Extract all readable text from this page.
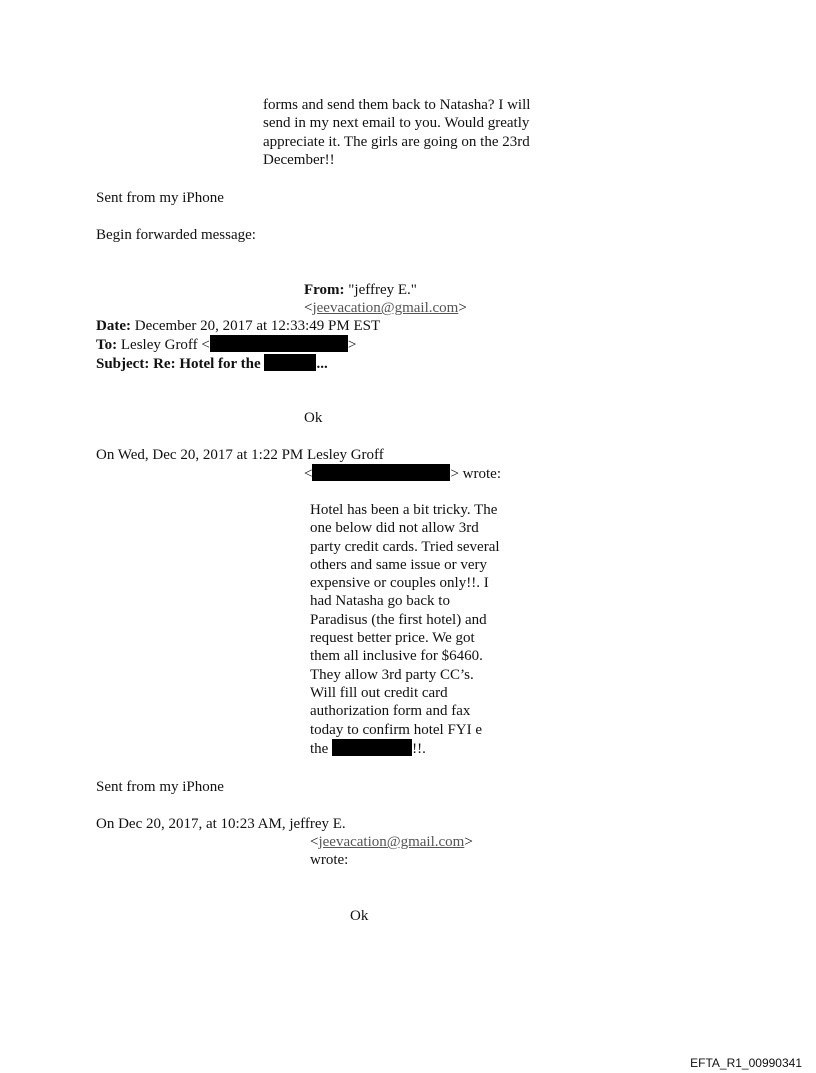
forms and send them back to Natasha? I will
send in my next email to you. Would greatly
appreciate it. The girls are going on the 23rd
December!!
Sent from my iPhone
Begin forwarded message:
From: "jeffrey E."
<jeevacation@gmail.com>
Date: December 20, 2017 at 12:33:49 PM EST
To: Lesley Groff <	>
Subject: Re: Hotel for the	...
Ok
On Wed, Dec 20, 2017 at 1:22 PM Lesley Groff
<	> wrote:
Hotel has been a bit tricky. The
one below did not allow 3rd
party credit cards. Tried several
others and same issue or very
expensive or couples only!!. I
had Natasha go back to
Paradisus (the first hotel) and
request better price. We got
them all inclusive for $6460.
They allow 3rd party CC’s.
Will fill out credit card
authorization form and fax
today to confirm hotel FYI e
the	!!.
Sent from my iPhone
On Dec 20, 2017, at 10:23 AM, jeffrey E.
<jeevacation@gmail.com>
wrote:
Ok
EFTA_R1_00990341
